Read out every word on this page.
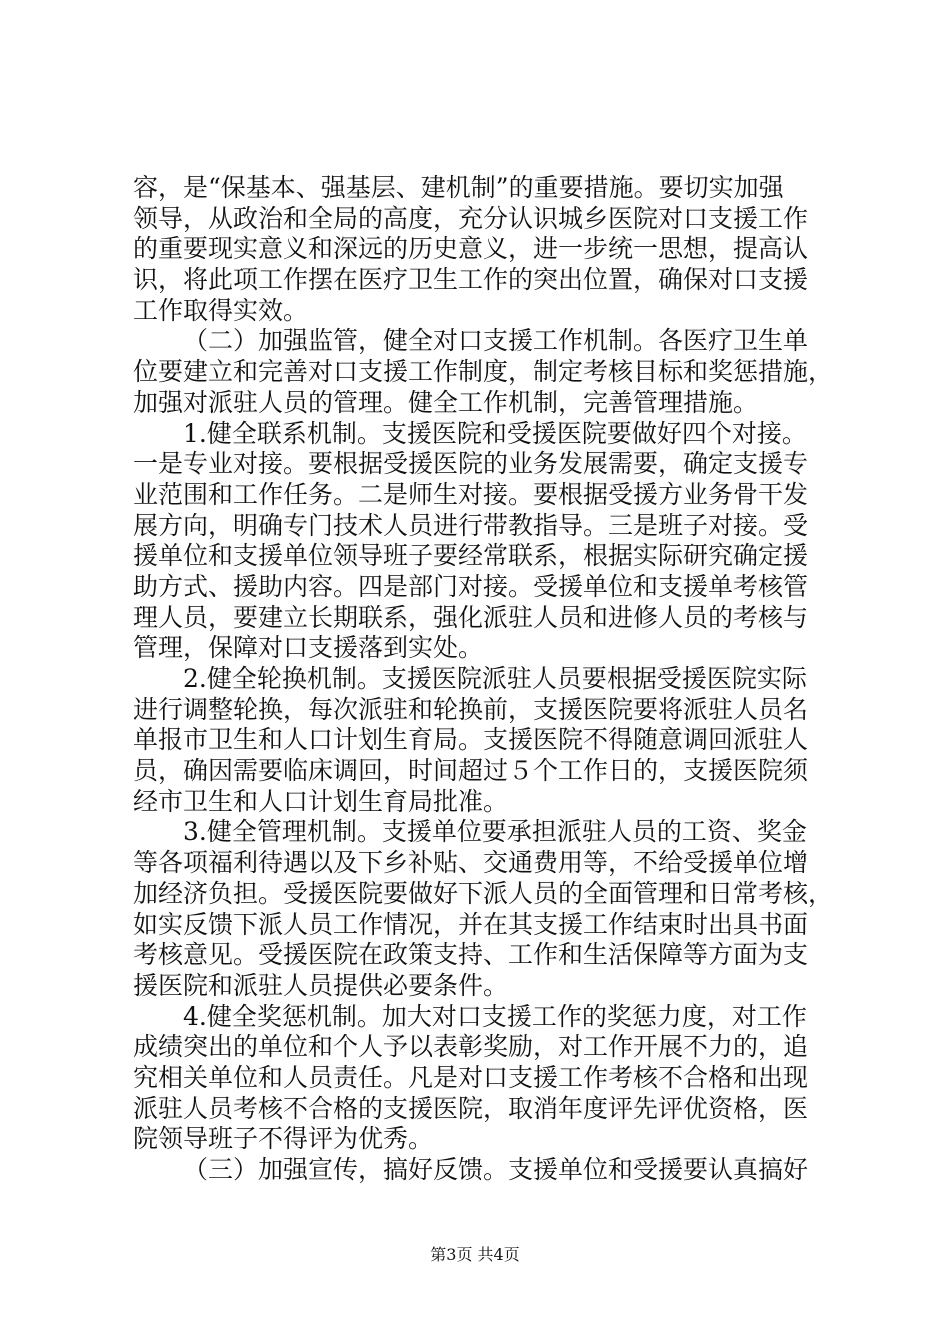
容，是“保基本、强基层、建机制”的重要措施。要切实加强
领导，从政治和全局的高度，充分认识城乡医院对口支援工作
的重要现实意义和深远的历史意义，进一步统一思想，提高认
识，将此项工作摆在医疗卫生工作的突出位置，确保对口支援
工作取得实效。
（二）加强监管，健全对口支援工作机制。各医疗卫生单
位要建立和完善对口支援工作制度，制定考核目标和奖惩措施，
加强对派驻人员的管理。健全工作机制，完善管理措施。
1.健全联系机制。支援医院和受援医院要做好四个对接。
一是专业对接。要根据受援医院的业务发展需要，确定支援专
业范围和工作任务。二是师生对接。要根据受援方业务骨干发
展方向，明确专门技术人员进行带教指导。三是班子对接。受
援单位和支援单位领导班子要经常联系，根据实际研究确定援
助方式、援助内容。四是部门对接。受援单位和支援单考核管
理人员，要建立长期联系，强化派驻人员和进修人员的考核与
管理，保障对口支援落到实处。
2.健全轮换机制。支援医院派驻人员要根据受援医院实际
进行调整轮换，每次派驻和轮换前，支援医院要将派驻人员名
单报市卫生和人口计划生育局。支援医院不得随意调回派驻人
员，确因需要临床调回，时间超过５个工作日的，支援医院须
经市卫生和人口计划生育局批准。
3.健全管理机制。支援单位要承担派驻人员的工资、奖金
等各项福利待遇以及下乡补贴、交通费用等，不给受援单位增
加经济负担。受援医院要做好下派人员的全面管理和日常考核，
如实反馈下派人员工作情况，并在其支援工作结束时出具书面
考核意见。受援医院在政策支持、工作和生活保障等方面为支
援医院和派驻人员提供必要条件。
4.健全奖惩机制。加大对口支援工作的奖惩力度，对工作
成绩突出的单位和个人予以表彰奖励，对工作开展不力的，追
究相关单位和人员责任。凡是对口支援工作考核不合格和出现
派驻人员考核不合格的支援医院，取消年度评先评优资格，医
院领导班子不得评为优秀。
（三）加强宣传，搞好反馈。支援单位和受援要认真搞好
第3页 共4页
